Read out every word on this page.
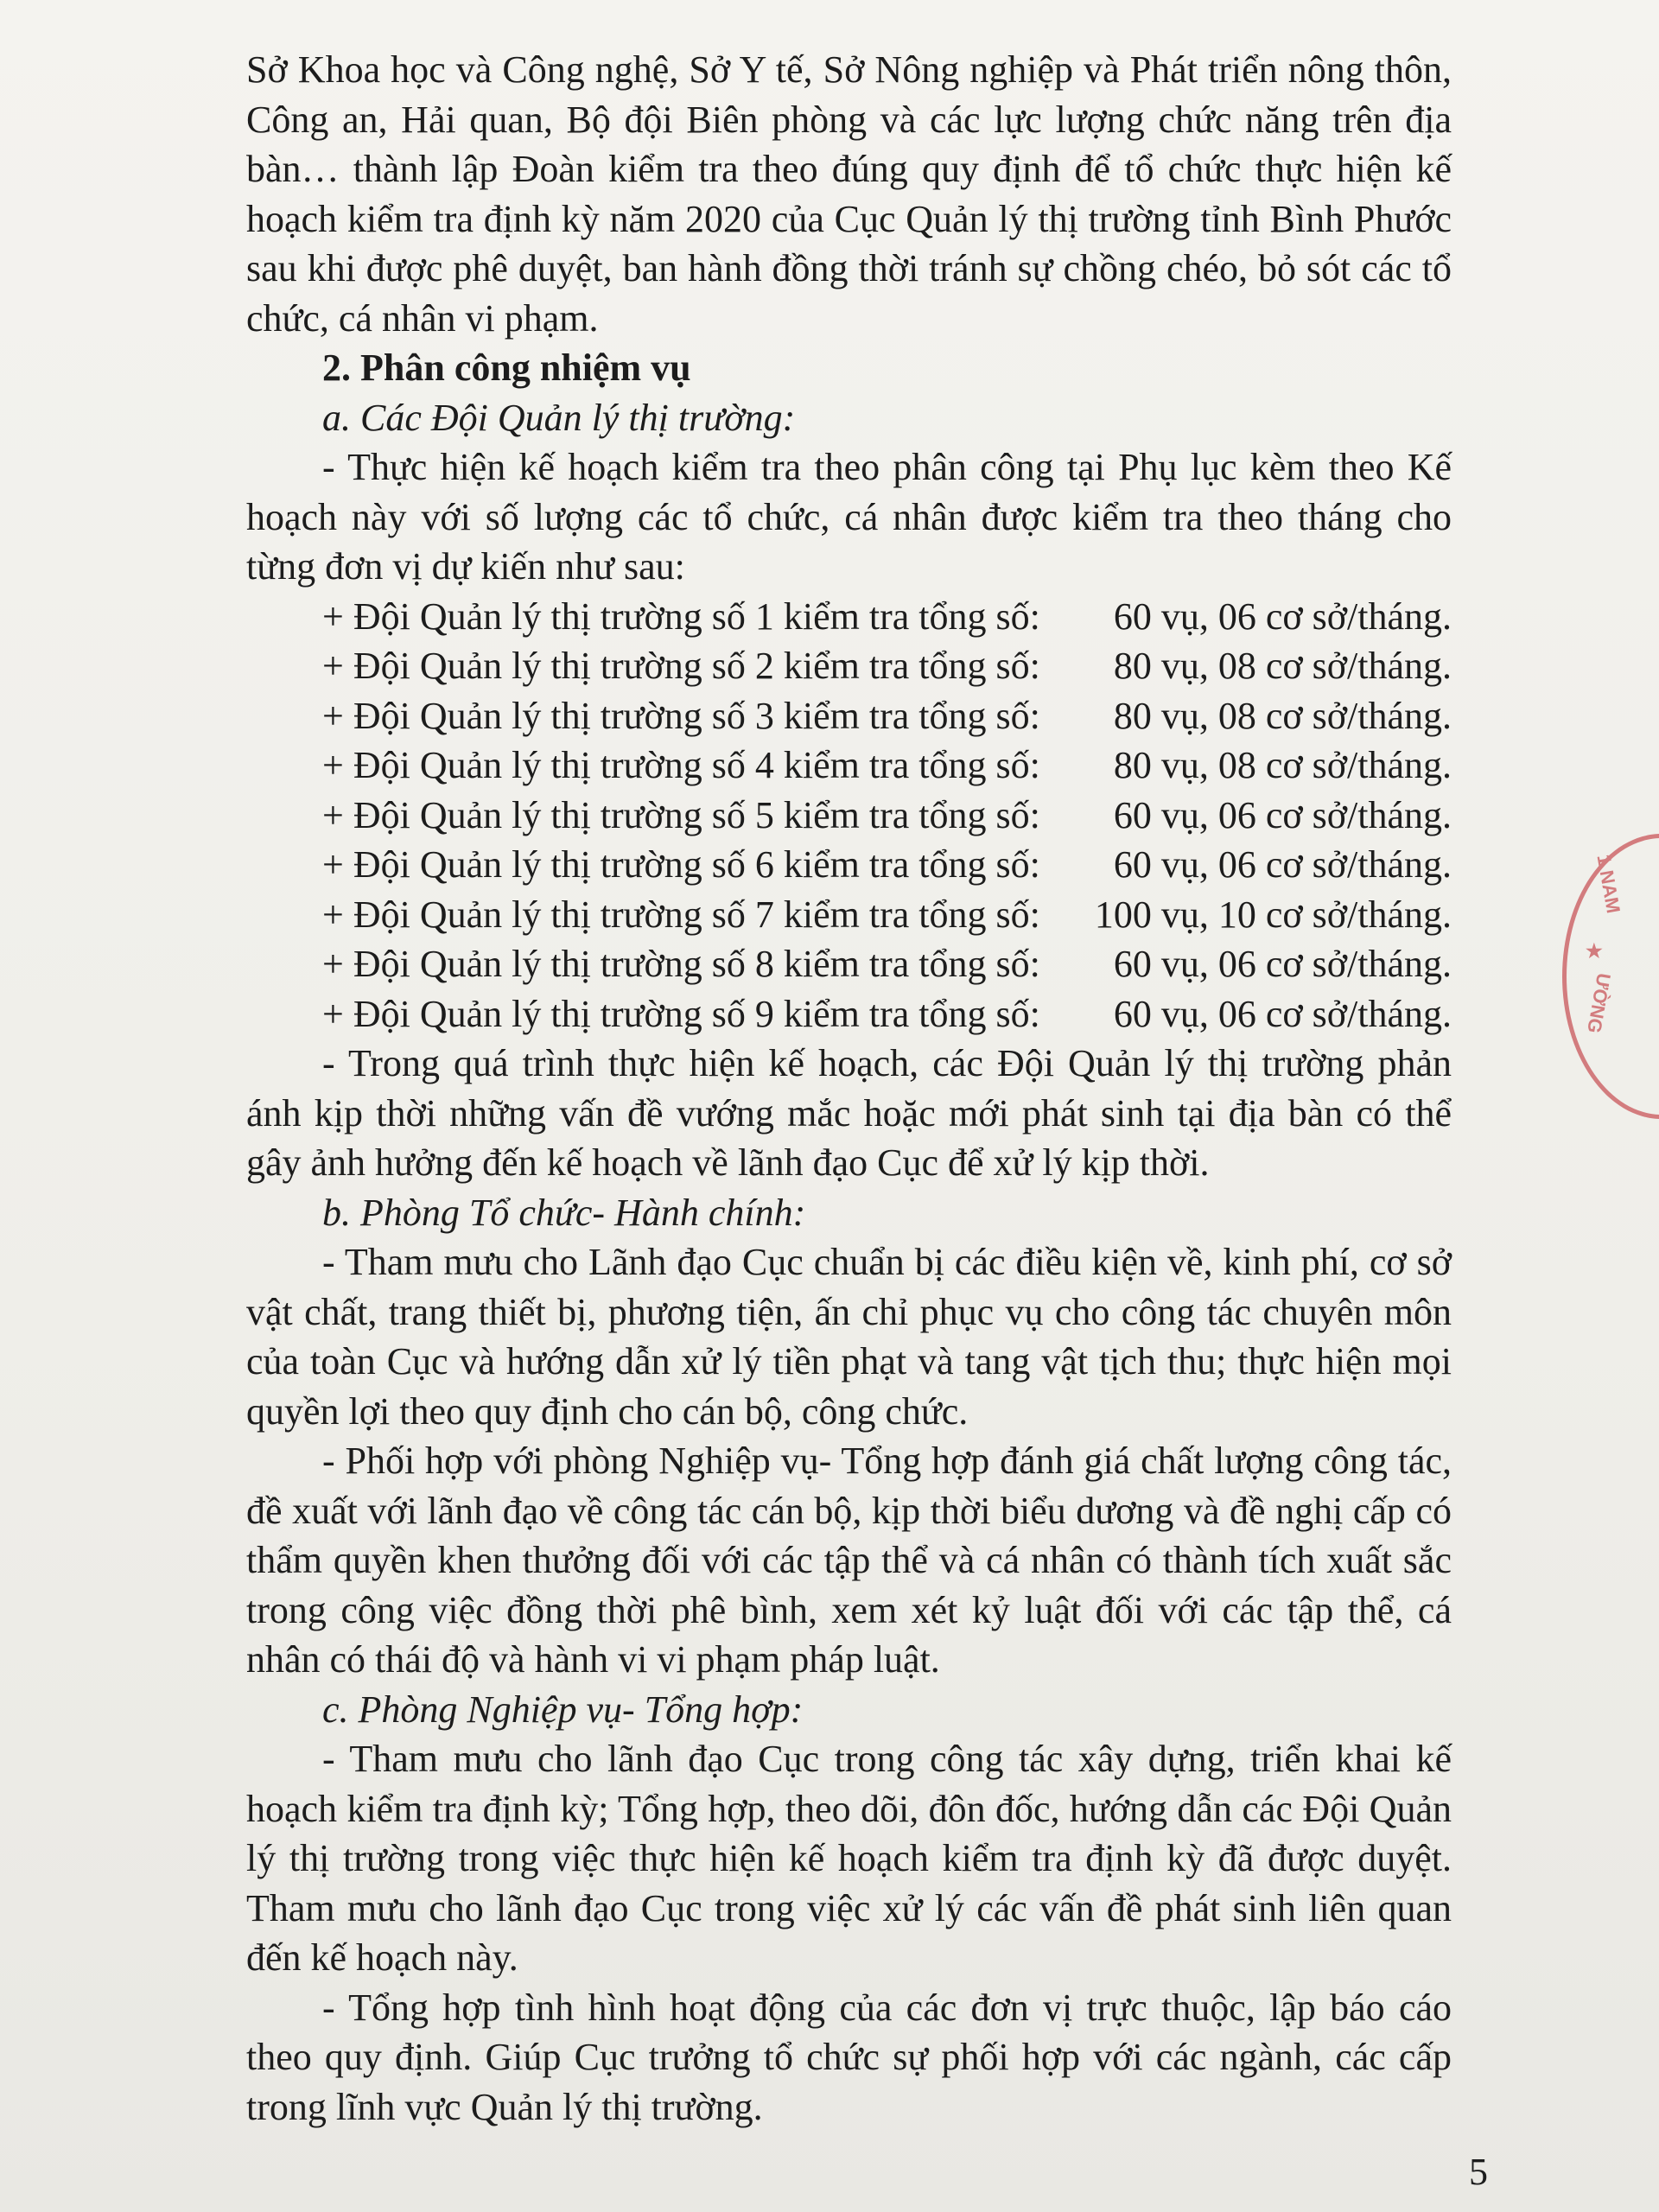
Sở Khoa học và Công nghệ, Sở Y tế, Sở Nông nghiệp và Phát triển nông thôn, Công an, Hải quan, Bộ đội Biên phòng và các lực lượng chức năng trên địa bàn… thành lập Đoàn kiểm tra theo đúng quy định để tổ chức thực hiện kế hoạch kiểm tra định kỳ năm 2020 của Cục Quản lý thị trường tỉnh Bình Phước sau khi được phê duyệt, ban hành đồng thời tránh sự chồng chéo, bỏ sót các tổ chức, cá nhân vi phạm.

2. Phân công nhiệm vụ

a. Các Đội Quản lý thị trường:

- Thực hiện kế hoạch kiểm tra theo phân công tại Phụ lục kèm theo Kế hoạch này với số lượng các tổ chức, cá nhân được kiểm tra theo tháng cho từng đơn vị dự kiến như sau:

+ Đội Quản lý thị trường số 1 kiểm tra tổng số:	60 vụ, 06 cơ sở/tháng.
+ Đội Quản lý thị trường số 2 kiểm tra tổng số:	80 vụ, 08 cơ sở/tháng.
+ Đội Quản lý thị trường số 3 kiểm tra tổng số:	80 vụ, 08 cơ sở/tháng.
+ Đội Quản lý thị trường số 4 kiểm tra tổng số:	80 vụ, 08 cơ sở/tháng.
+ Đội Quản lý thị trường số 5 kiểm tra tổng số:	60 vụ, 06 cơ sở/tháng.
+ Đội Quản lý thị trường số 6 kiểm tra tổng số:	60 vụ, 06 cơ sở/tháng.
+ Đội Quản lý thị trường số 7 kiểm tra tổng số:	100 vụ, 10 cơ sở/tháng.
+ Đội Quản lý thị trường số 8 kiểm tra tổng số:	60 vụ, 06 cơ sở/tháng.
+ Đội Quản lý thị trường số 9 kiểm tra tổng số:	60 vụ, 06 cơ sở/tháng.

- Trong quá trình thực hiện kế hoạch, các Đội Quản lý thị trường phản ánh kịp thời những vấn đề vướng mắc hoặc mới phát sinh tại địa bàn có thể gây ảnh hưởng đến kế hoạch về lãnh đạo Cục để xử lý kịp thời.

b. Phòng Tổ chức- Hành chính:

- Tham mưu cho Lãnh đạo Cục chuẩn bị các điều kiện về, kinh phí, cơ sở vật chất, trang thiết bị, phương tiện, ấn chỉ phục vụ cho công tác chuyên môn của toàn Cục và hướng dẫn xử lý tiền phạt và tang vật tịch thu; thực hiện mọi quyền lợi theo quy định cho cán bộ, công chức.

- Phối hợp với phòng Nghiệp vụ- Tổng hợp đánh giá chất lượng công tác, đề xuất với lãnh đạo về công tác cán bộ, kịp thời biểu dương và đề nghị cấp có thẩm quyền khen thưởng đối với các tập thể và cá nhân có thành tích xuất sắc trong công việc đồng thời phê bình, xem xét kỷ luật đối với các tập thể, cá nhân có thái độ và hành vi vi phạm pháp luật.

c. Phòng Nghiệp vụ- Tổng hợp:

- Tham mưu cho lãnh đạo Cục trong công tác xây dựng, triển khai kế hoạch kiểm tra định kỳ; Tổng hợp, theo dõi, đôn đốc, hướng dẫn các Đội Quản lý thị trường trong việc thực hiện kế hoạch kiểm tra định kỳ đã được duyệt. Tham mưu cho lãnh đạo Cục trong việc xử lý các vấn đề phát sinh liên quan đến kế hoạch này.

- Tổng hợp tình hình hoạt động của các đơn vị trực thuộc, lập báo cáo theo quy định. Giúp Cục trưởng tổ chức sự phối hợp với các ngành, các cấp trong lĩnh vực Quản lý thị trường.

1 NAM
★
ƯỜNG
5
